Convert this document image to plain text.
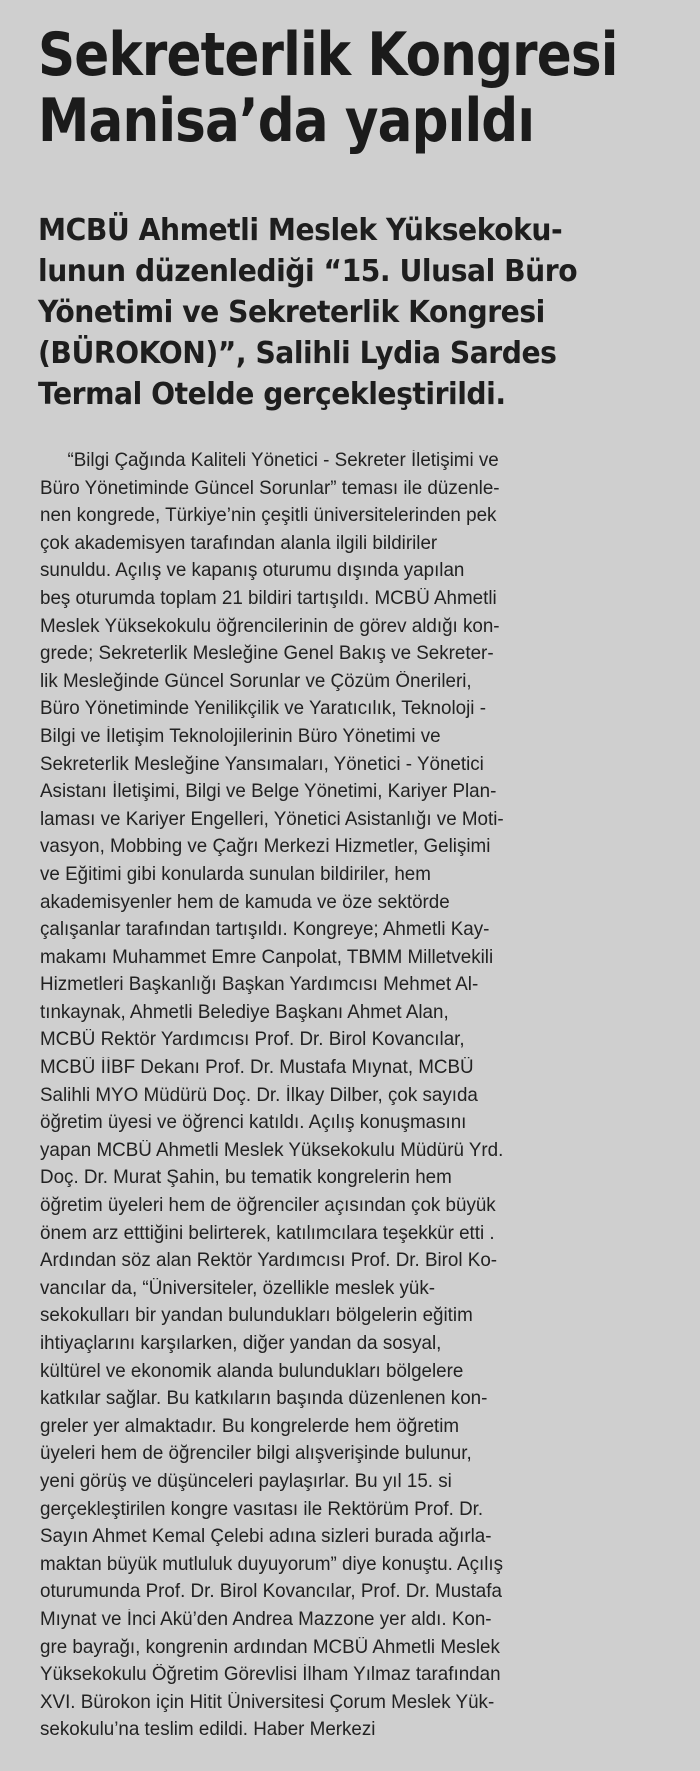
Sekreterlik Kongresi
Manisa’da yapıldı
MCBÜ Ahmetli Meslek Yüksekoku-
lunun düzenlediği “15. Ulusal Büro
Yönetimi ve Sekreterlik Kongresi
(BÜROKON)”, Salihli Lydia Sardes
Termal Otelde gerçekleştirildi.
“Bilgi Çağında Kaliteli Yönetici - Sekreter İletişimi ve
Büro Yönetiminde Güncel Sorunlar” teması ile düzenle-
nen kongrede, Türkiye’nin çeşitli üniversitelerinden pek
çok akademisyen tarafından alanla ilgili bildiriler
sunuldu. Açılış ve kapanış oturumu dışında yapılan
beş oturumda toplam 21 bildiri tartışıldı. MCBÜ Ahmetli
Meslek Yüksekokulu öğrencilerinin de görev aldığı kon-
grede; Sekreterlik Mesleğine Genel Bakış ve Sekreter-
lik Mesleğinde Güncel Sorunlar ve Çözüm Önerileri,
Büro Yönetiminde Yenilikçilik ve Yaratıcılık, Teknoloji -
Bilgi ve İletişim Teknolojilerinin Büro Yönetimi ve
Sekreterlik Mesleğine Yansımaları, Yönetici - Yönetici
Asistanı İletişimi, Bilgi ve Belge Yönetimi, Kariyer Plan-
laması ve Kariyer Engelleri, Yönetici Asistanlığı ve Moti-
vasyon, Mobbing ve Çağrı Merkezi Hizmetler, Gelişimi
ve Eğitimi gibi konularda sunulan bildiriler, hem
akademisyenler hem de kamuda ve öze sektörde
çalışanlar tarafından tartışıldı. Kongreye; Ahmetli Kay-
makamı Muhammet Emre Canpolat, TBMM Milletvekili
Hizmetleri Başkanlığı Başkan Yardımcısı Mehmet Al-
tınkaynak, Ahmetli Belediye Başkanı Ahmet Alan,
MCBÜ Rektör Yardımcısı Prof. Dr. Birol Kovancılar,
MCBÜ İİBF Dekanı Prof. Dr. Mustafa Mıynat, MCBÜ
Salihli MYO Müdürü Doç. Dr. İlkay Dilber, çok sayıda
öğretim üyesi ve öğrenci katıldı. Açılış konuşmasını
yapan MCBÜ Ahmetli Meslek Yüksekokulu Müdürü Yrd.
Doç. Dr. Murat Şahin, bu tematik kongrelerin hem
öğretim üyeleri hem de öğrenciler açısından çok büyük
önem arz etttiğini belirterek, katılımcılara teşekkür etti .
Ardından söz alan Rektör Yardımcısı Prof. Dr. Birol Ko-
vancılar da, “Üniversiteler, özellikle meslek yük-
sekokulları bir yandan bulundukları bölgelerin eğitim
ihtiyaçlarını karşılarken, diğer yandan da sosyal,
kültürel ve ekonomik alanda bulundukları bölgelere
katkılar sağlar. Bu katkıların başında düzenlenen kon-
greler yer almaktadır. Bu kongrelerde hem öğretim
üyeleri hem de öğrenciler bilgi alışverişinde bulunur,
yeni görüş ve düşünceleri paylaşırlar. Bu yıl 15. si
gerçekleştirilen kongre vasıtası ile Rektörüm Prof. Dr.
Sayın Ahmet Kemal Çelebi adına sizleri burada ağırla-
maktan büyük mutluluk duyuyorum” diye konuştu. Açılış
oturumunda Prof. Dr. Birol Kovancılar, Prof. Dr. Mustafa
Mıynat ve İnci Akü’den Andrea Mazzone yer aldı. Kon-
gre bayrağı, kongrenin ardından MCBÜ Ahmetli Meslek
Yüksekokulu Öğretim Görevlisi İlham Yılmaz tarafından
XVI. Bürokon için Hitit Üniversitesi Çorum Meslek Yük-
sekokulu’na teslim edildi. Haber Merkezi
